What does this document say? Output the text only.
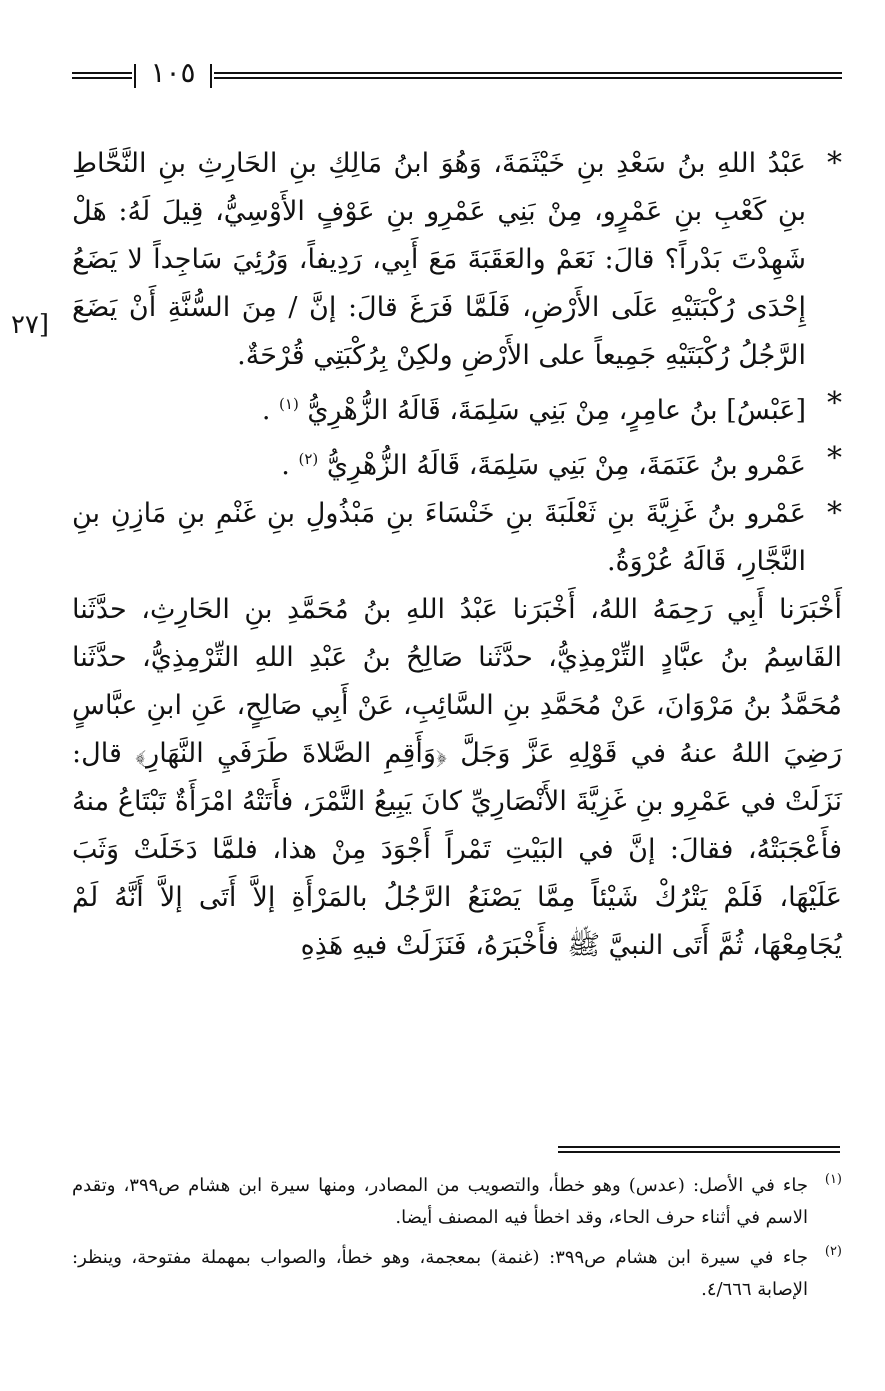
١٠٥
[٢٧

*
عَبْدُ اللهِ بنُ سَعْدِ بنِ خَيْثَمَةَ، وَهُوَ ابنُ مَالِكِ بنِ الحَارِثِ بنِ النَّحَّاطِ بنِ كَعْبِ بنِ عَمْرٍو، مِنْ بَنِي عَمْرِو بنِ عَوْفٍ الأَوْسِيُّ، قِيلَ لَهُ: هَلْ شَهِدْتَ بَدْراً؟ قالَ: نَعَمْ والعَقَبَةَ مَعَ أَبِي، رَدِيفاً، وَرُئِيَ سَاجِداً لا يَضَعُ إِحْدَى رُكْبَتَيْهِ عَلَى الأَرْضِ، فَلَمَّا فَرَغَ قالَ: إنَّ / مِنَ السُّنَّةِ أَنْ يَضَعَ الرَّجُلُ رُكْبَتَيْهِ جَمِيعاً على الأَرْضِ ولكِنْ بِرُكْبَتِي قُرْحَةٌ.

*
[عَبْسُ] بنُ عامِرٍ، مِنْ بَنِي سَلِمَةَ، قَالَهُ الزُّهْرِيُّ $^{(١)}$ .

*
عَمْرو بنُ عَنَمَةَ، مِنْ بَنِي سَلِمَةَ، قَالَهُ الزُّهْرِيُّ $^{(٢)}$ .

*
عَمْرو بنُ غَزِيَّةَ بنِ ثَعْلَبَةَ بنِ خَنْسَاءَ بنِ مَبْذُولِ بنِ غَنْمِ بنِ مَازِنِ بنِ النَّجَّارِ، قَالَهُ عُرْوَةُ.

أَخْبَرَنا أَبِي رَحِمَهُ اللهُ، أَخْبَرَنا عَبْدُ اللهِ بنُ مُحَمَّدِ بنِ الحَارِثِ، حدَّثَنا القَاسِمُ بنُ عبَّادٍ التِّرْمِذِيُّ، حدَّثَنا صَالِحُ بنُ عَبْدِ اللهِ التِّرْمِذِيُّ، حدَّثَنا مُحَمَّدُ بنُ مَرْوَانَ، عَنْ مُحَمَّدِ بنِ السَّائِبِ، عَنْ أَبِي صَالِحٍ، عَنِ ابنِ عبَّاسٍ رَضِيَ اللهُ عنهُ في قَوْلِهِ عَزَّ وَجَلَّ ﴿وَأَقِمِ الصَّلاةَ طَرَفَيِ النَّهَارِ﴾ قال: نَزَلَتْ في عَمْرِو بنِ غَزِيَّةَ الأَنْصَارِيِّ كانَ يَبِيعُ التَّمْرَ، فأَتَتْهُ امْرَأَةٌ تَبْتَاعُ منهُ فأَعْجَبَتْهُ، فقالَ: إنَّ في البَيْتِ تَمْراً أَجْوَدَ مِنْ هذا، فلمَّا دَخَلَتْ وَثَبَ عَلَيْهَا، فَلَمْ يَتْرُكْ شَيْئاً مِمَّا يَصْنَعُ الرَّجُلُ بالمَرْأَةِ إلاَّ أَتَى إلاَّ أَنَّهُ لَمْ يُجَامِعْهَا، ثُمَّ أَتَى النبيَّ ﷺ فأَخْبَرَهُ، فَنَزَلَتْ فيهِ هَذِهِ

(١)
جاء في الأصل: (عدس) وهو خطأ، والتصويب من المصادر، ومنها سيرة ابن هشام ص٣٩٩، وتقدم الاسم في أثناء حرف الحاء، وقد اخطأ فيه المصنف أيضا.

(٢)
جاء في سيرة ابن هشام ص٣٩٩: (غنمة) بمعجمة، وهو خطأ، والصواب بمهملة مفتوحة، وينظر: الإصابة ٤/٦٦٦.
